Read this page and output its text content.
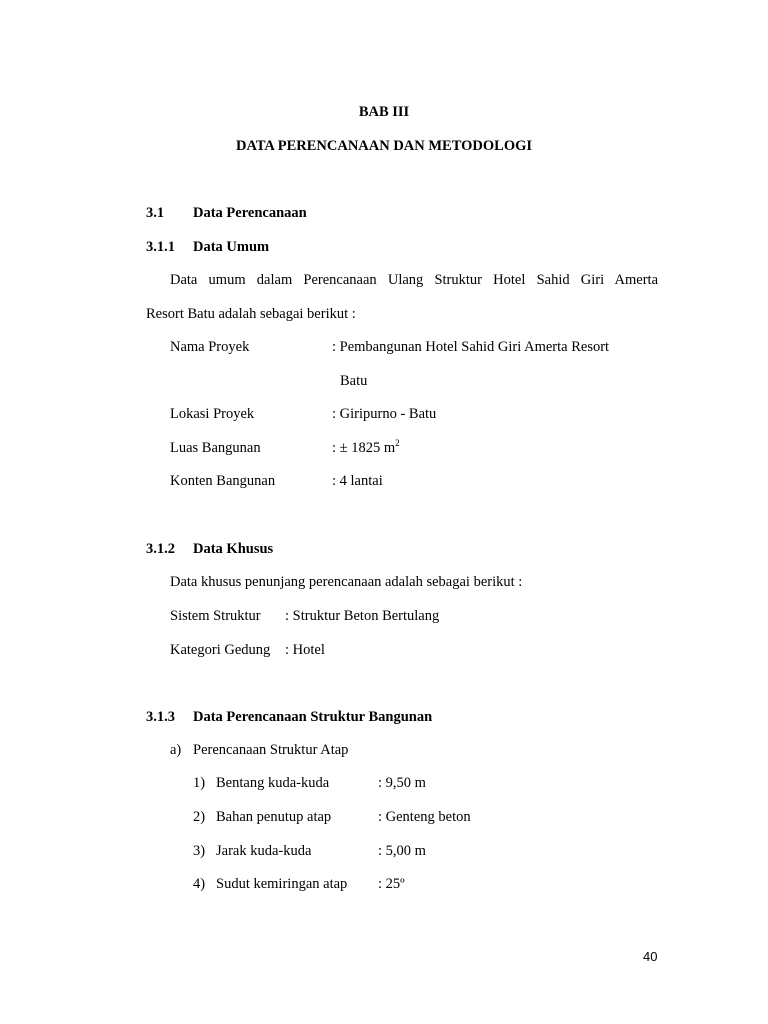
BAB III
DATA PERENCANAAN DAN METODOLOGI
3.1 Data Perencanaan
3.1.1 Data Umum
Data umum dalam Perencanaan Ulang Struktur Hotel Sahid Giri Amerta
Resort Batu adalah sebagai berikut :
Nama Proyek	: Pembangunan Hotel Sahid Giri Amerta Resort
Batu
Lokasi Proyek	: Giripurno - Batu
Luas Bangunan	: ± 1825 $m^2$
Konten Bangunan	: 4 lantai
3.1.2 Data Khusus
Data khusus penunjang perencanaan adalah sebagai berikut :
Sistem Struktur : Struktur Beton Bertulang
Kategori Gedung : Hotel
3.1.3 Data Perencanaan Struktur Bangunan
a) Perencanaan Struktur Atap
1) Bentang kuda-kuda	: 9,50 m
2) Bahan penutup atap	: Genteng beton
3) Jarak kuda-kuda	: 5,00 m
4) Sudut kemiringan atap : 25º
40
